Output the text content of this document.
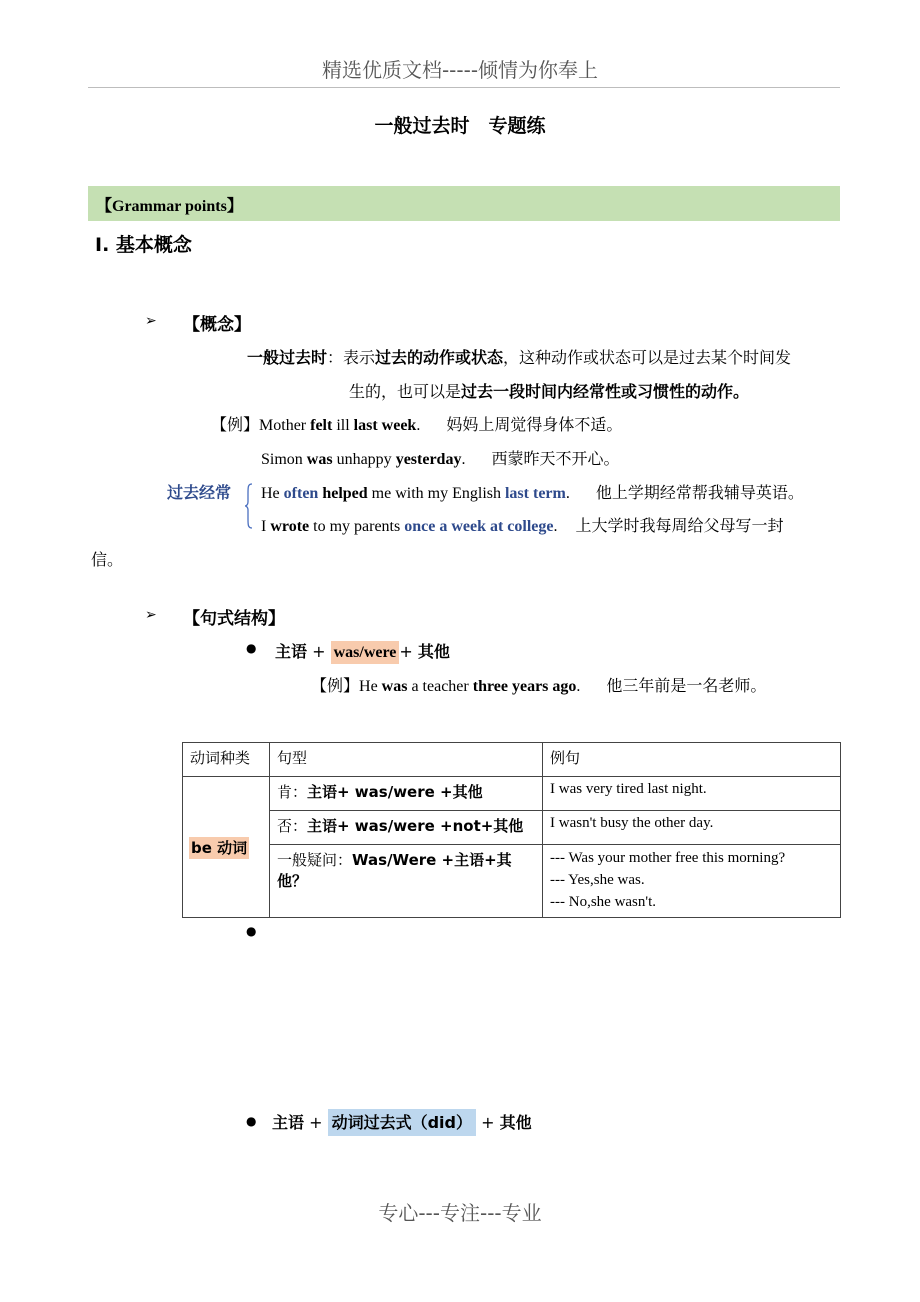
精选优质文档-----倾情为你奉上
一般过去时　专题练
【Grammar points】
Ⅰ. 基本概念
➢ 【概念】
一般过去时：表示过去的动作或状态，这种动作或状态可以是过去某个时间发
生的，也可以是过去一段时间内经常性或习惯性的动作。
【例】Mother felt ill last week. 妈妈上周觉得身体不适。
Simon was unhappy yesterday. 西蒙昨天不开心。
过去经常 He often helped me with my English last term. 他上学期经常帮我辅导英语。
I wrote to my parents once a week at college. 上大学时我每周给父母写一封
信。
➢ 【句式结构】
● 主语 + was/were + 其他
【例】He was a teacher three years ago. 他三年前是一名老师。
动词种类	句型	例句
be 动词	肯：主语+ was/were +其他	I was very tired last night.

	否：主语+ was/were +not+其他	I wasn't busy the other day.

	一般疑问：Was/Were +主语+其他？	--- Was your mother free this morning?
--- Yes,she was.
--- No,she wasn't.
●
● 主语 + 动词过去式（did） + 其他
专心---专注---专业
